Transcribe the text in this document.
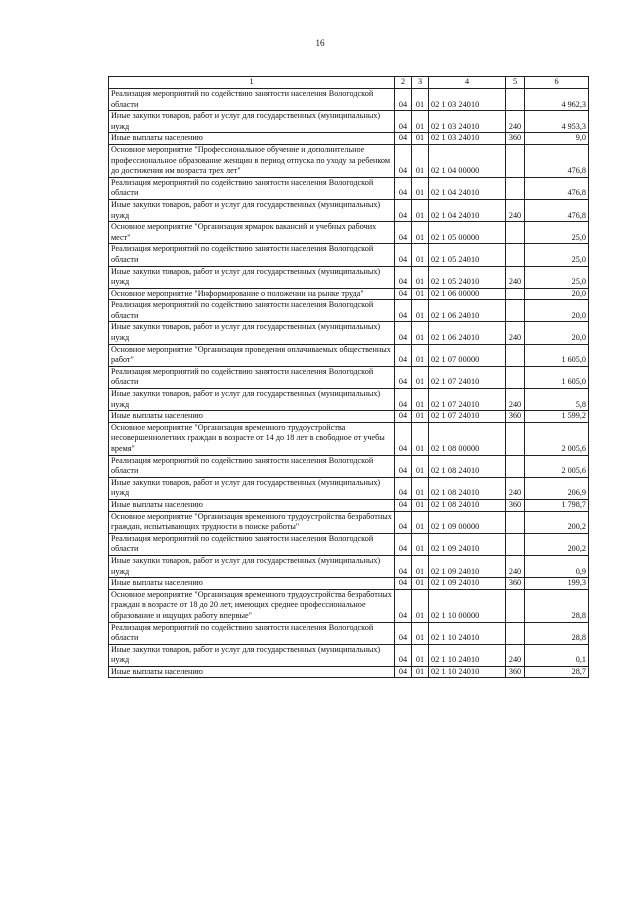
16
1	2	3	4	5	6
Реализация мероприятий по содействию занятости населения Вологодской области	04	01	02 1 03 24010		4 962,3
Иные закупки товаров, работ и услуг для государственных (муниципальных) нужд	04	01	02 1 03 24010	240	4 953,3
Иные выплаты населению	04	01	02 1 03 24010	360	9,0
Основное мероприятие "Профессиональное обучение и дополнительное профессиональное образование женщин в период отпуска по уходу за ребенком до достижения им возраста трех лет"	04	01	02 1 04 00000		476,8
Реализация мероприятий по содействию занятости населения Вологодской области	04	01	02 1 04 24010		476,8
Иные закупки товаров, работ и услуг для государственных (муниципальных) нужд	04	01	02 1 04 24010	240	476,8
Основное мероприятие "Организация ярмарок вакансий и учебных рабочих мест"	04	01	02 1 05 00000		25,0
Реализация мероприятий по содействию занятости населения Вологодской области	04	01	02 1 05 24010		25,0
Иные закупки товаров, работ и услуг для государственных (муниципальных) нужд	04	01	02 1 05 24010	240	25,0
Основное мероприятие "Информирование о положении на рынке труда"	04	01	02 1 06 00000		20,0
Реализация мероприятий по содействию занятости населения Вологодской области	04	01	02 1 06 24010		20,0
Иные закупки товаров, работ и услуг для государственных (муниципальных) нужд	04	01	02 1 06 24010	240	20,0
Основное мероприятие "Организация проведения оплачиваемых общественных работ"	04	01	02 1 07 00000		1 605,0
Реализация мероприятий по содействию занятости населения Вологодской области	04	01	02 1 07 24010		1 605,0
Иные закупки товаров, работ и услуг для государственных (муниципальных) нужд	04	01	02 1 07 24010	240	5,8
Иные выплаты населению	04	01	02 1 07 24010	360	1 599,2
Основное мероприятие "Организация временного трудоустройства несовершеннолетних граждан в возрасте от 14 до 18 лет в свободное от учебы время"	04	01	02 1 08 00000		2 005,6
Реализация мероприятий по содействию занятости населения Вологодской области	04	01	02 1 08 24010		2 005,6
Иные закупки товаров, работ и услуг для государственных (муниципальных) нужд	04	01	02 1 08 24010	240	206,9
Иные выплаты населению	04	01	02 1 08 24010	360	1 798,7
Основное мероприятие "Организация временного трудоустройства безработных граждан, испытывающих трудности в поиске работы"	04	01	02 1 09 00000		200,2
Реализация мероприятий по содействию занятости населения Вологодской области	04	01	02 1 09 24010		200,2
Иные закупки товаров, работ и услуг для государственных (муниципальных) нужд	04	01	02 1 09 24010	240	0,9
Иные выплаты населению	04	01	02 1 09 24010	360	199,3
Основное мероприятие "Организация временного трудоустройства безработных граждан в возрасте от 18 до 20 лет, имеющих среднее профессиональное образование и ищущих работу впервые"	04	01	02 1 10 00000		28,8
Реализация мероприятий по содействию занятости населения Вологодской области	04	01	02 1 10 24010		28,8
Иные закупки товаров, работ и услуг для государственных (муниципальных) нужд	04	01	02 1 10 24010	240	0,1
Иные выплаты населению	04	01	02 1 10 24010	360	28,7
